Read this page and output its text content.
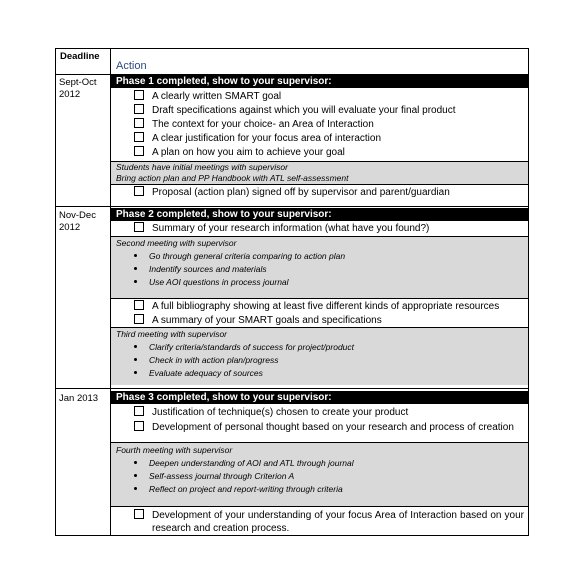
Deadline
Action
Sept-Oct
2012
Nov-Dec
2012
Jan 2013
Phase 1 completed, show to your supervisor:
A clearly written SMART goal
Draft specifications against which you will evaluate your final product
The context for your choice- an Area of Interaction
A clear justification for your focus area of interaction
A plan on how you aim to achieve your goal
Students have initial meetings with supervisor
Bring action plan and PP Handbook with ATL self-assessment
Proposal (action plan) signed off by supervisor and parent/guardian
Phase 2 completed, show to your supervisor:
Summary of your research information (what have you found?)
Second meeting with supervisor
Go through general criteria comparing to action plan
Indentify sources and materials
Use AOI questions in process journal
A full bibliography showing at least five different kinds of appropriate resources
A summary of your SMART goals and specifications
Third meeting with supervisor
Clarify criteria/standards of success for project/product
Check in with action plan/progress
Evaluate adequacy of sources
Phase 3 completed, show to your supervisor:
Justification of technique(s) chosen to create your product
Development of personal thought based on your research and process of creation
Fourth meeting with supervisor
Deepen understanding of AOI and ATL through journal
Self-assess journal through Criterion A
Reflect on project and report-writing through criteria
Development of your understanding of your focus Area of Interaction based on your research and creation process.
